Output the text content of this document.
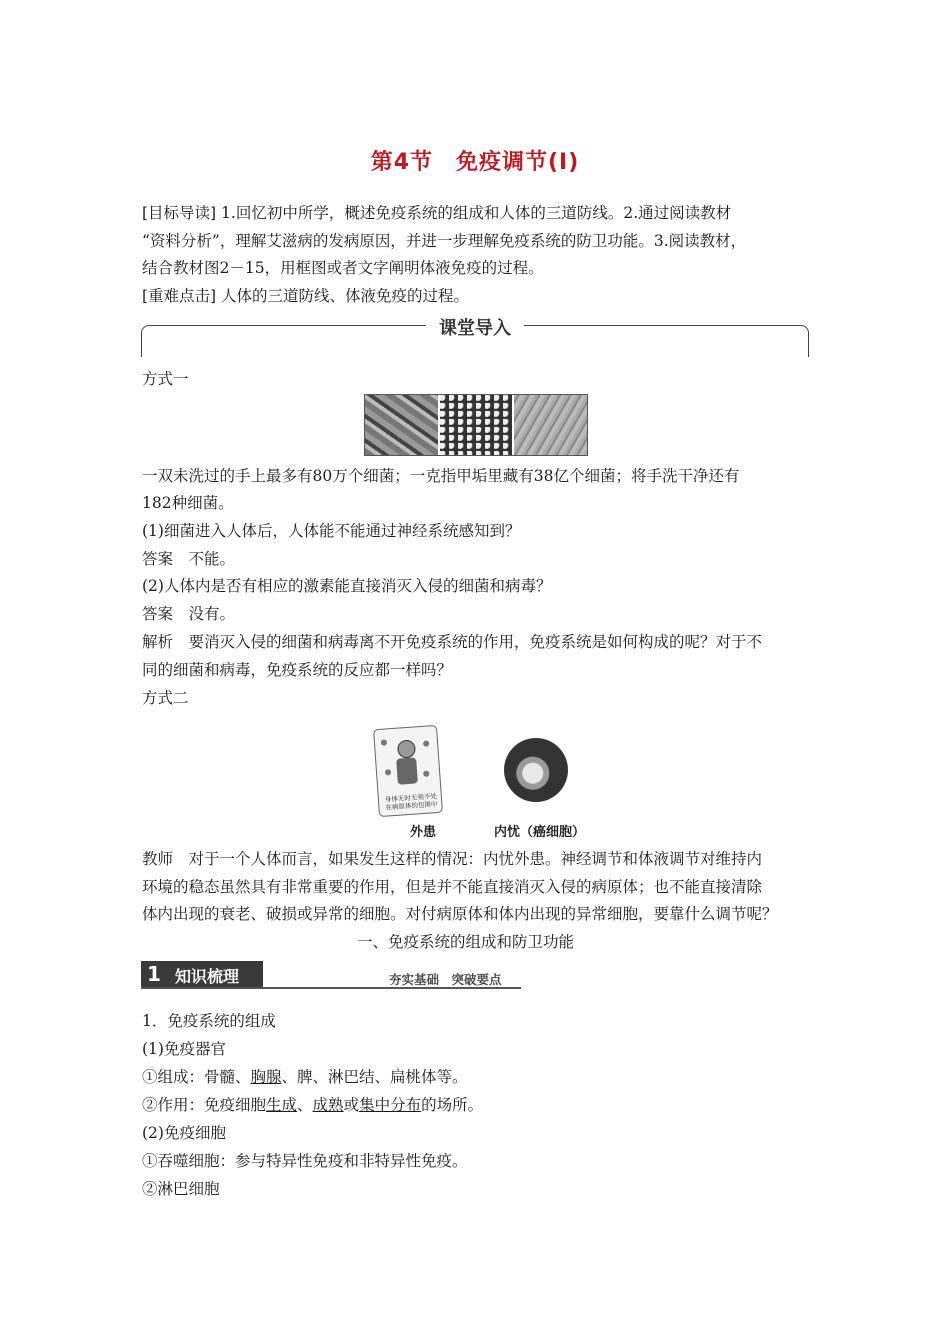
第4节　免疫调节(Ⅰ)
[目标导读] 1.回忆初中所学，概述免疫系统的组成和人体的三道防线。2.通过阅读教材
“资料分析”，理解艾滋病的发病原因，并进一步理解免疫系统的防卫功能。3.阅读教材，
结合教材图2－15，用框图或者文字阐明体液免疫的过程。
[重难点击] 人体的三道防线、体液免疫的过程。
课堂导入
方式一
一双未洗过的手上最多有80万个细菌；一克指甲垢里藏有38亿个细菌；将手洗干净还有
182种细菌。
(1)细菌进入人体后，人体能不能通过神经系统感知到？
答案　不能。
(2)人体内是否有相应的激素能直接消灭入侵的细菌和病毒？
答案　没有。
解析　要消灭入侵的细菌和病毒离不开免疫系统的作用，免疫系统是如何构成的呢？对于不
同的细菌和病毒，免疫系统的反应都一样吗？
方式二
身体无时无刻不处在病原体的包围中
外患	内忧（癌细胞）
教师　对于一个人体而言，如果发生这样的情况：内忧外患。神经调节和体液调节对维持内
环境的稳态虽然具有非常重要的作用，但是并不能直接消灭入侵的病原体；也不能直接清除
体内出现的衰老、破损或异常的细胞。对付病原体和体内出现的异常细胞，要靠什么调节呢？
一、免疫系统的组成和防卫功能
1 知识梳理	夯实基础　突破要点
1．免疫系统的组成
(1)免疫器官
①组成：骨髓、胸腺、脾、淋巴结、扁桃体等。
②作用：免疫细胞生成、成熟或集中分布的场所。
(2)免疫细胞
①吞噬细胞：参与特异性免疫和非特异性免疫。
②淋巴细胞
